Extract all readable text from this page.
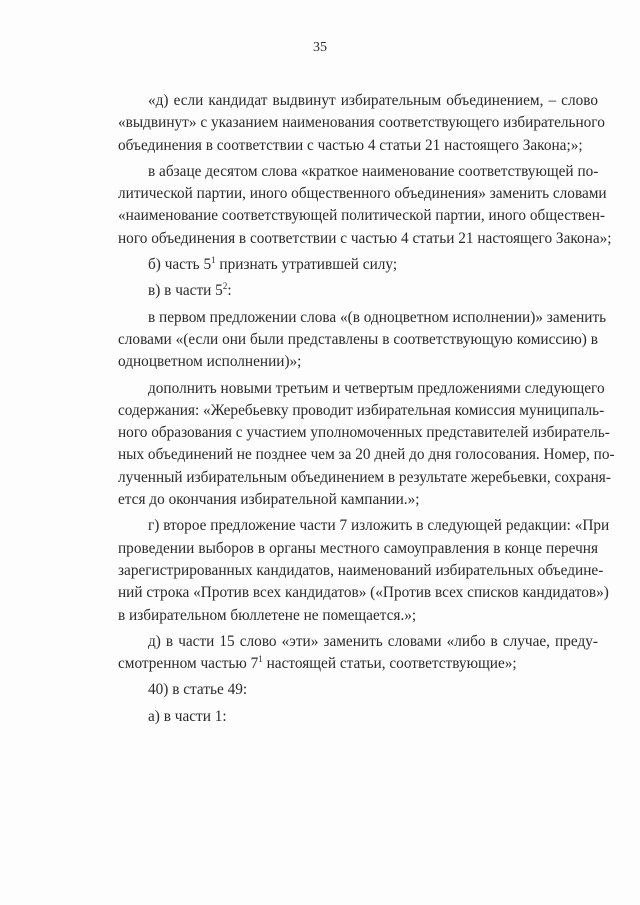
35
«д) если кандидат выдвинут избирательным объединением, – слово
«выдвинут» с указанием наименования соответствующего избирательного
объединения в соответствии с частью 4 статьи 21 настоящего Закона;»;
в абзаце десятом слова «краткое наименование соответствующей по-
литической партии, иного общественного объединения» заменить словами
«наименование соответствующей политической партии, иного обществен-
ного объединения в соответствии с частью 4 статьи 21 настоящего Закона»;
б) часть $5^1$ признать утратившей силу;
в) в части $5^2$:
в первом предложении слова «(в одноцветном исполнении)» заменить
словами «(если они были представлены в соответствующую комиссию) в
одноцветном исполнении)»;
дополнить новыми третьим и четвертым предложениями следующего
содержания: «Жеребьевку проводит избирательная комиссия муниципаль-
ного образования с участием уполномоченных представителей избиратель-
ных объединений не позднее чем за 20 дней до дня голосования. Номер, по-
лученный избирательным объединением в результате жеребьевки, сохраня-
ется до окончания избирательной кампании.»;
г) второе предложение части 7 изложить в следующей редакции: «При
проведении выборов в органы местного самоуправления в конце перечня
зарегистрированных кандидатов, наименований избирательных объедине-
ний строка «Против всех кандидатов» («Против всех списков кандидатов»)
в избирательном бюллетене не помещается.»;
д) в части 15 слово «эти» заменить словами «либо в случае, преду-
смотренном частью $7^1$ настоящей статьи, соответствующие»;
40) в статье 49:
а) в части 1:
